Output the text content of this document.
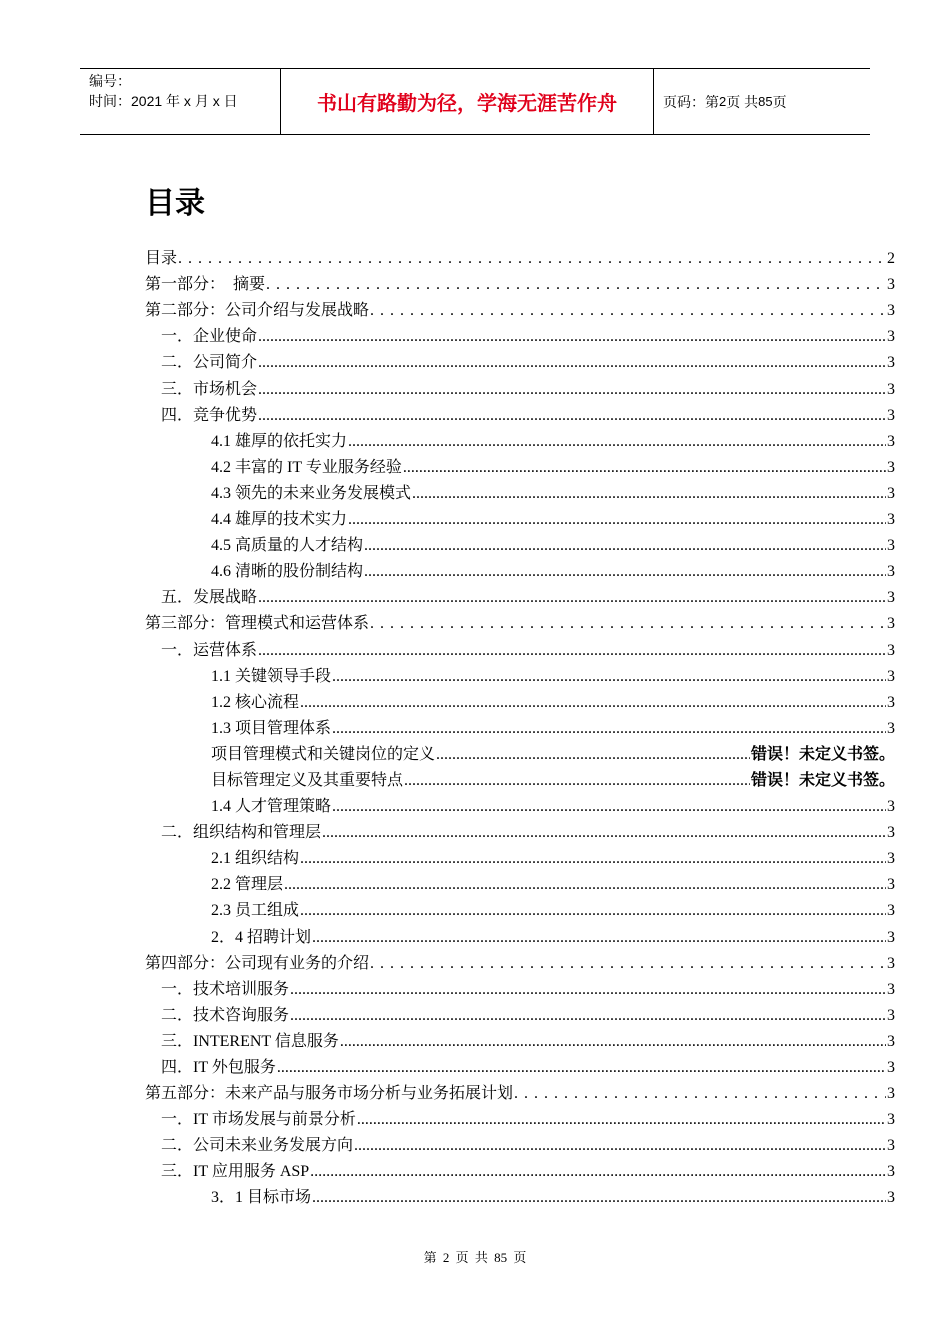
编号：
时间：2021 年 x 月 x 日	书山有路勤为径，学海无涯苦作舟	页码：第 2 页 共 85 页
目录
目录 . . .	2
第一部分：　摘要 . . .	3
第二部分：公司介绍与发展战略 . . .	3
一．企业使命 .....	3
二．公司简介 .....	3
三．市场机会 .....	3
四．竞争优势 .....	3
4.1 雄厚的依托实力 .....	3
4.2 丰富的 IT 专业服务经验 .....	3
4.3 领先的未来业务发展模式 .....	3
4.4 雄厚的技术实力 .....	3
4.5 高质量的人才结构 .....	3
4.6 清晰的股份制结构 .....	3
五．发展战略 .....	3
第三部分：管理模式和运营体系 . . .	3
一．运营体系 .....	3
1.1 关键领导手段 .....	3
1.2 核心流程 .....	3
1.3 项目管理体系 .....	3
项目管理模式和关键岗位的定义 .....	错误！未定义书签。
目标管理定义及其重要特点 .....	错误！未定义书签。
1.4 人才管理策略 .....	3
二．组织结构和管理层 .....	3
2.1 组织结构 .....	3
2.2 管理层 .....	3
2.3 员工组成 .....	3
2．4 招聘计划 .....	3
第四部分：公司现有业务的介绍 . . .	3
一．技术培训服务 .....	3
二．技术咨询服务 .....	3
三．INTERENT 信息服务 .....	3
四．IT 外包服务 .....	3
第五部分：未来产品与服务市场分析与业务拓展计划 . . .	3
一．IT 市场发展与前景分析 .....	3
二．公司未来业务发展方向 .....	3
三．IT 应用服务 ASP .....	3
3．1 目标市场 .....	3
第 2 页 共 85 页
